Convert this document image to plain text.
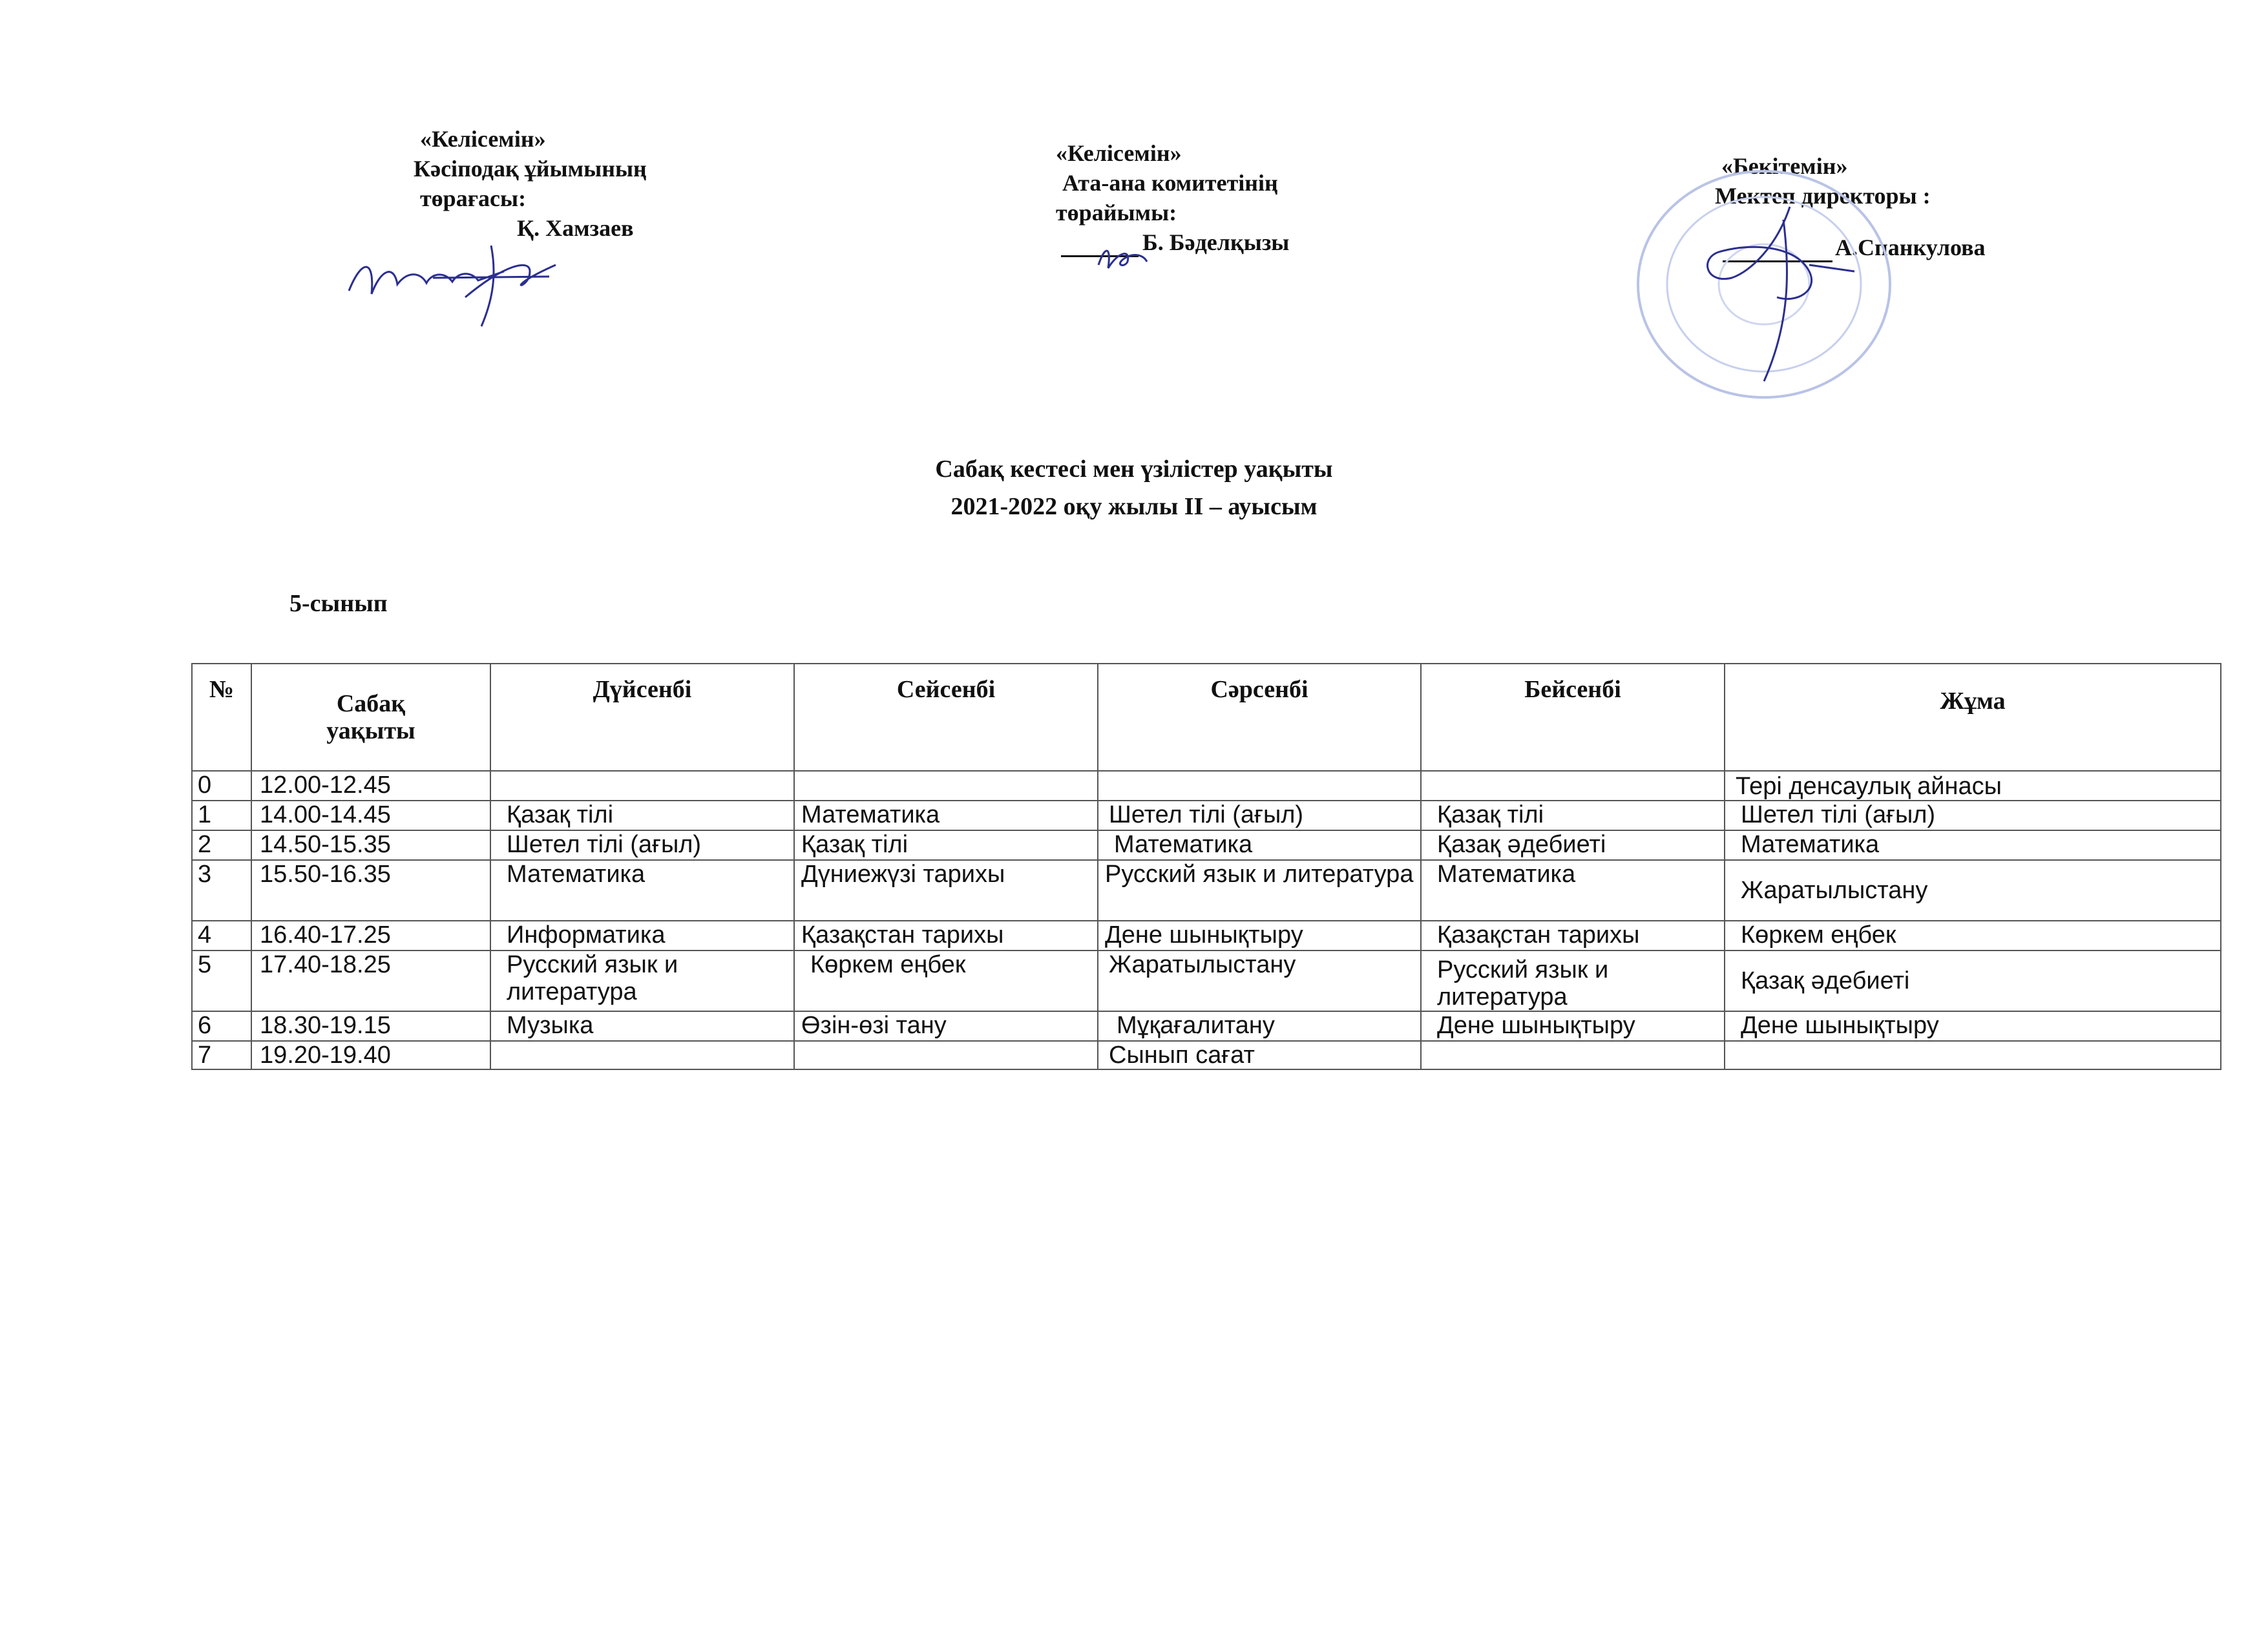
«Келісемін»
Кәсіподақ ұйымының
төрағасы:
Қ. Хамзаев
«Келісемін»
Ата-ана комитетінің
төрайымы:
Б. Бәделқызы
«Бекітемін»
Мектеп директоры :
А.Спанкулова
Сабақ кестесі мен үзілістер уақыты
2021-2022 оқу жылы ІІ – ауысым
5-сынып
№	Сабақ уақыты	Дүйсенбі	Сейсенбі	Сәрсенбі	Бейсенбі	Жұма
0	12.00-12.45					Тері денсаулық айнасы
1	14.00-14.45	Қазақ тілі	Математика	Шетел тілі (ағыл)	Қазақ тілі	Шетел тілі (ағыл)
2	14.50-15.35	Шетел тілі (ағыл)	Қазақ тілі	Математика	Қазақ әдебиеті	Математика
3	15.50-16.35	Математика	Дүниежүзі тарихы	Русский язык и литература	Математика	Жаратылыстану
4	16.40-17.25	Информатика	Қазақстан тарихы	Дене шынықтыру	Қазақстан тарихы	Көркем еңбек
5	17.40-18.25	Русский язык и литература	Көркем еңбек	Жаратылыстану	Русский язык и литература	Қазақ әдебиеті
6	18.30-19.15	Музыка	Өзін-өзі тану	Мұқағалитану	Дене шынықтыру	Дене шынықтыру
7	19.20-19.40			Сынып сағат		
